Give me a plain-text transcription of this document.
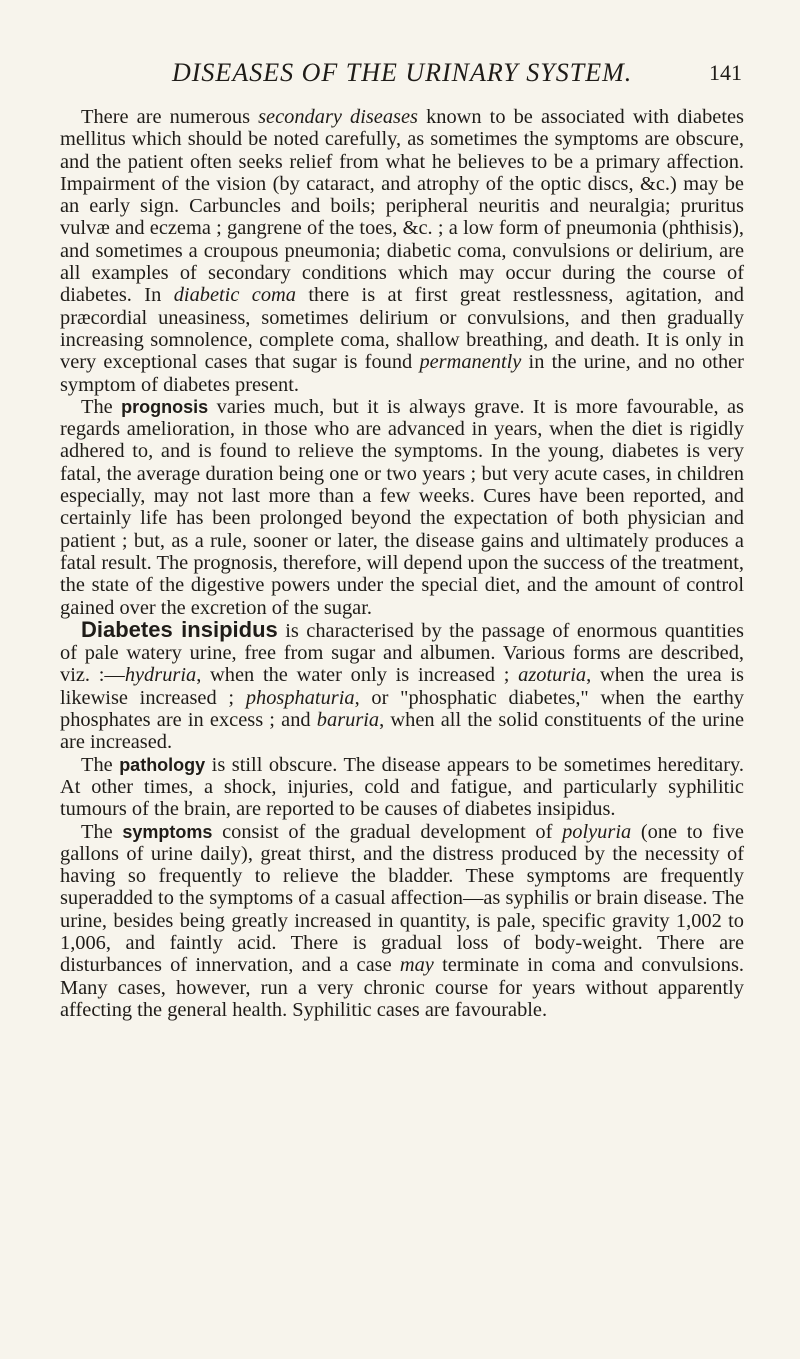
DISEASES OF THE URINARY SYSTEM.	141

There are numerous secondary diseases known to be associated with diabetes mellitus which should be noted carefully, as sometimes the symptoms are obscure, and the patient often seeks relief from what he believes to be a primary affection. Impairment of the vision (by cataract, and atrophy of the optic discs, &c.) may be an early sign. Carbuncles and boils; peripheral neuritis and neuralgia; pruritus vulvæ and eczema ; gangrene of the toes, &c. ; a low form of pneumonia (phthisis), and sometimes a croupous pneumonia; diabetic coma, convulsions or delirium, are all examples of secondary conditions which may occur during the course of diabetes. In diabetic coma there is at first great restlessness, agitation, and præcordial uneasiness, sometimes delirium or convulsions, and then gradually increasing somnolence, complete coma, shallow breathing, and death. It is only in very exceptional cases that sugar is found permanently in the urine, and no other symptom of diabetes present.

The prognosis varies much, but it is always grave. It is more favourable, as regards amelioration, in those who are advanced in years, when the diet is rigidly adhered to, and is found to relieve the symptoms. In the young, diabetes is very fatal, the average duration being one or two years ; but very acute cases, in children especially, may not last more than a few weeks. Cures have been reported, and certainly life has been prolonged beyond the expectation of both physician and patient ; but, as a rule, sooner or later, the disease gains and ultimately produces a fatal result. The prognosis, therefore, will depend upon the success of the treatment, the state of the digestive powers under the special diet, and the amount of control gained over the excretion of the sugar.

Diabetes insipidus is characterised by the passage of enormous quantities of pale watery urine, free from sugar and albumen. Various forms are described, viz. :—hydruria, when the water only is increased ; azoturia, when the urea is likewise increased ; phosphaturia, or "phosphatic diabetes," when the earthy phosphates are in excess ; and baruria, when all the solid constituents of the urine are increased.

The pathology is still obscure. The disease appears to be sometimes hereditary. At other times, a shock, injuries, cold and fatigue, and particularly syphilitic tumours of the brain, are reported to be causes of diabetes insipidus.

The symptoms consist of the gradual development of polyuria (one to five gallons of urine daily), great thirst, and the distress produced by the necessity of having so frequently to relieve the bladder. These symptoms are frequently superadded to the symptoms of a casual affection—as syphilis or brain disease. The urine, besides being greatly increased in quantity, is pale, specific gravity 1,002 to 1,006, and faintly acid. There is gradual loss of body-weight. There are disturbances of innervation, and a case may terminate in coma and convulsions. Many cases, however, run a very chronic course for years without apparently affecting the general health. Syphilitic cases are favourable.
